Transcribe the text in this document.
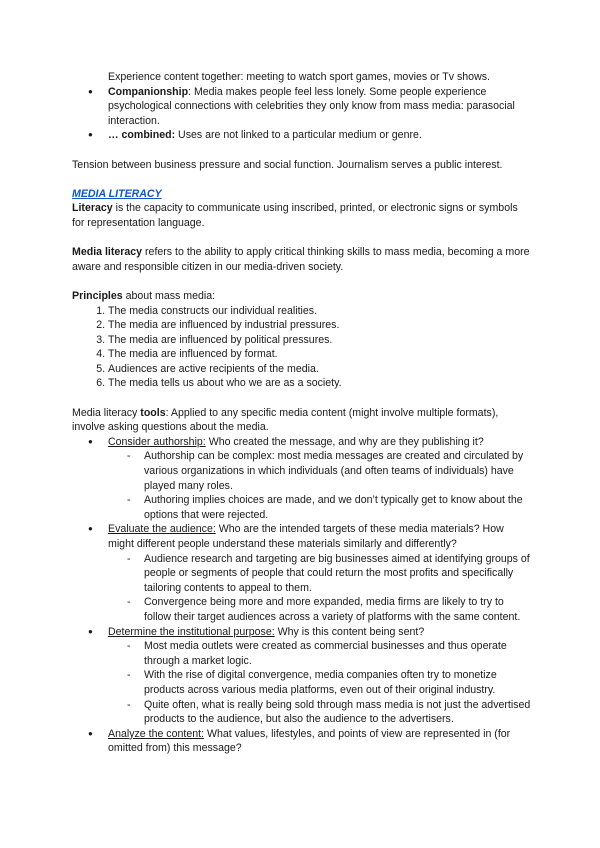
Experience content together: meeting to watch sport games, movies or Tv shows.

● Companionship: Media makes people feel less lonely. Some people experience psychological connections with celebrities they only know from mass media: parasocial interaction.
● … combined: Uses are not linked to a particular medium or genre.

Tension between business pressure and social function. Journalism serves a public interest.

MEDIA LITERACY

Literacy is the capacity to communicate using inscribed, printed, or electronic signs or symbols for representation language.

Media literacy refers to the ability to apply critical thinking skills to mass media, becoming a more aware and responsible citizen in our media-driven society.

Principles about mass media:

1. The media constructs our individual realities.
2. The media are influenced by industrial pressures.
3. The media are influenced by political pressures.
4. The media are influenced by format.
5. Audiences are active recipients of the media.
6. The media tells us about who we are as a society.

Media literacy tools: Applied to any specific media content (might involve multiple formats), involve asking questions about the media.

● Consider authorship: Who created the message, and why are they publishing it?
- Authorship can be complex: most media messages are created and circulated by various organizations in which individuals (and often teams of individuals) have played many roles.
- Authoring implies choices are made, and we don’t typically get to know about the options that were rejected.
● Evaluate the audience: Who are the intended targets of these media materials? How might different people understand these materials similarly and differently?
- Audience research and targeting are big businesses aimed at identifying groups of people or segments of people that could return the most profits and specifically tailoring contents to appeal to them.
- Convergence being more and more expanded, media firms are likely to try to follow their target audiences across a variety of platforms with the same content.
● Determine the institutional purpose: Why is this content being sent?
- Most media outlets were created as commercial businesses and thus operate through a market logic.
- With the rise of digital convergence, media companies often try to monetize products across various media platforms, even out of their original industry.
- Quite often, what is really being sold through mass media is not just the advertised products to the audience, but also the audience to the advertisers.
● Analyze the content: What values, lifestyles, and points of view are represented in (for omitted from) this message?
